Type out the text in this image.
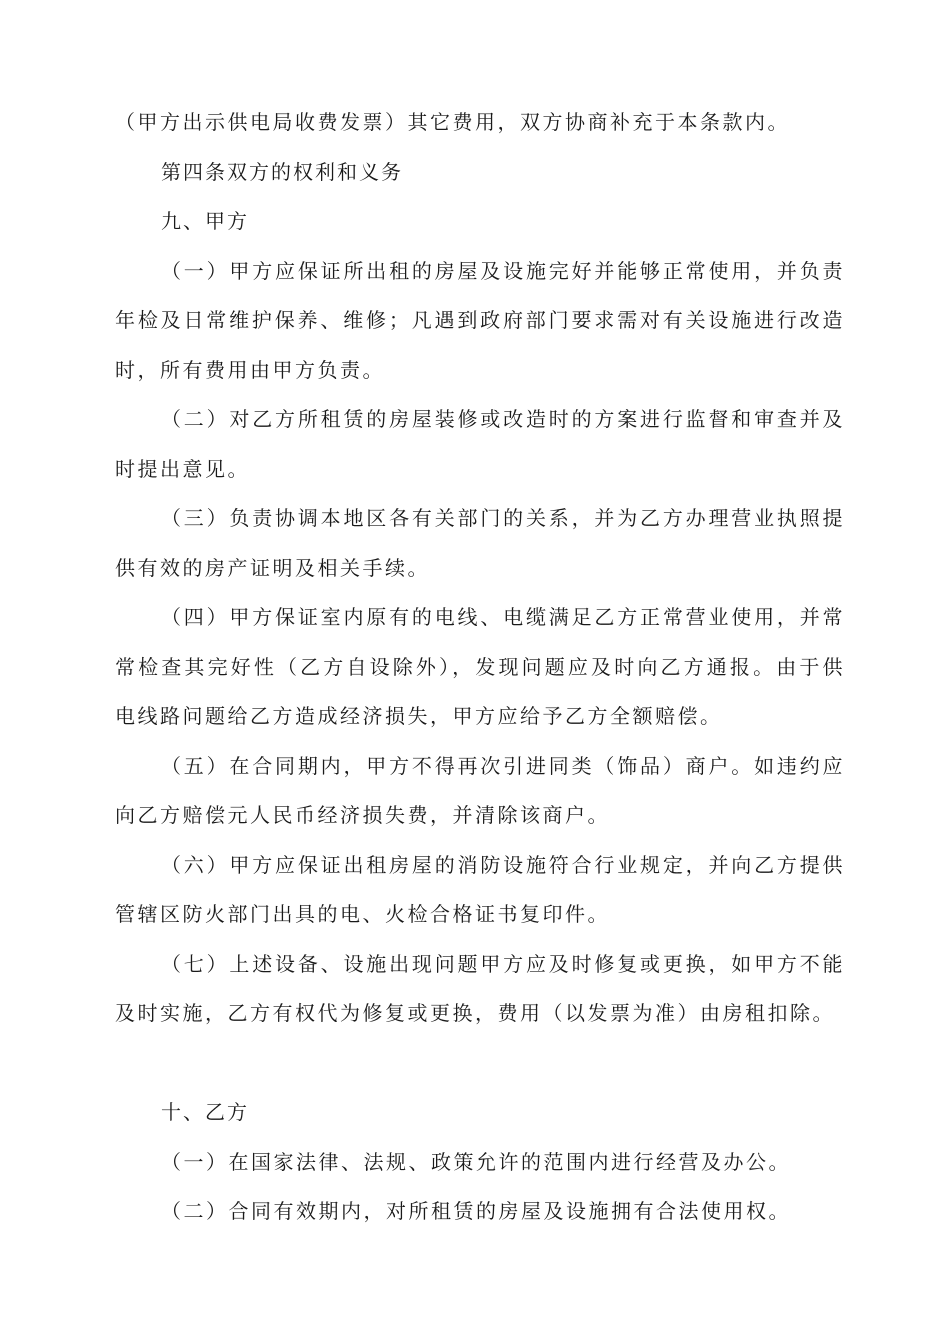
（甲方出示供电局收费发票）其它费用，双方协商补充于本条款内。

第四条双方的权利和义务

九、甲方

（一）甲方应保证所出租的房屋及设施完好并能够正常使用，并负责年检及日常维护保养、维修；凡遇到政府部门要求需对有关设施进行改造时，所有费用由甲方负责。

（二）对乙方所租赁的房屋装修或改造时的方案进行监督和审查并及时提出意见。

（三）负责协调本地区各有关部门的关系，并为乙方办理营业执照提供有效的房产证明及相关手续。

（四）甲方保证室内原有的电线、电缆满足乙方正常营业使用，并常常检查其完好性（乙方自设除外），发现问题应及时向乙方通报。由于供电线路问题给乙方造成经济损失，甲方应给予乙方全额赔偿。

（五）在合同期内，甲方不得再次引进同类（饰品）商户。如违约应向乙方赔偿元人民币经济损失费，并清除该商户。

（六）甲方应保证出租房屋的消防设施符合行业规定，并向乙方提供管辖区防火部门出具的电、火检合格证书复印件。

（七）上述设备、设施出现问题甲方应及时修复或更换，如甲方不能及时实施，乙方有权代为修复或更换，费用（以发票为准）由房租扣除。

十、乙方

（一）在国家法律、法规、政策允许的范围内进行经营及办公。

（二）合同有效期内，对所租赁的房屋及设施拥有合法使用权。
